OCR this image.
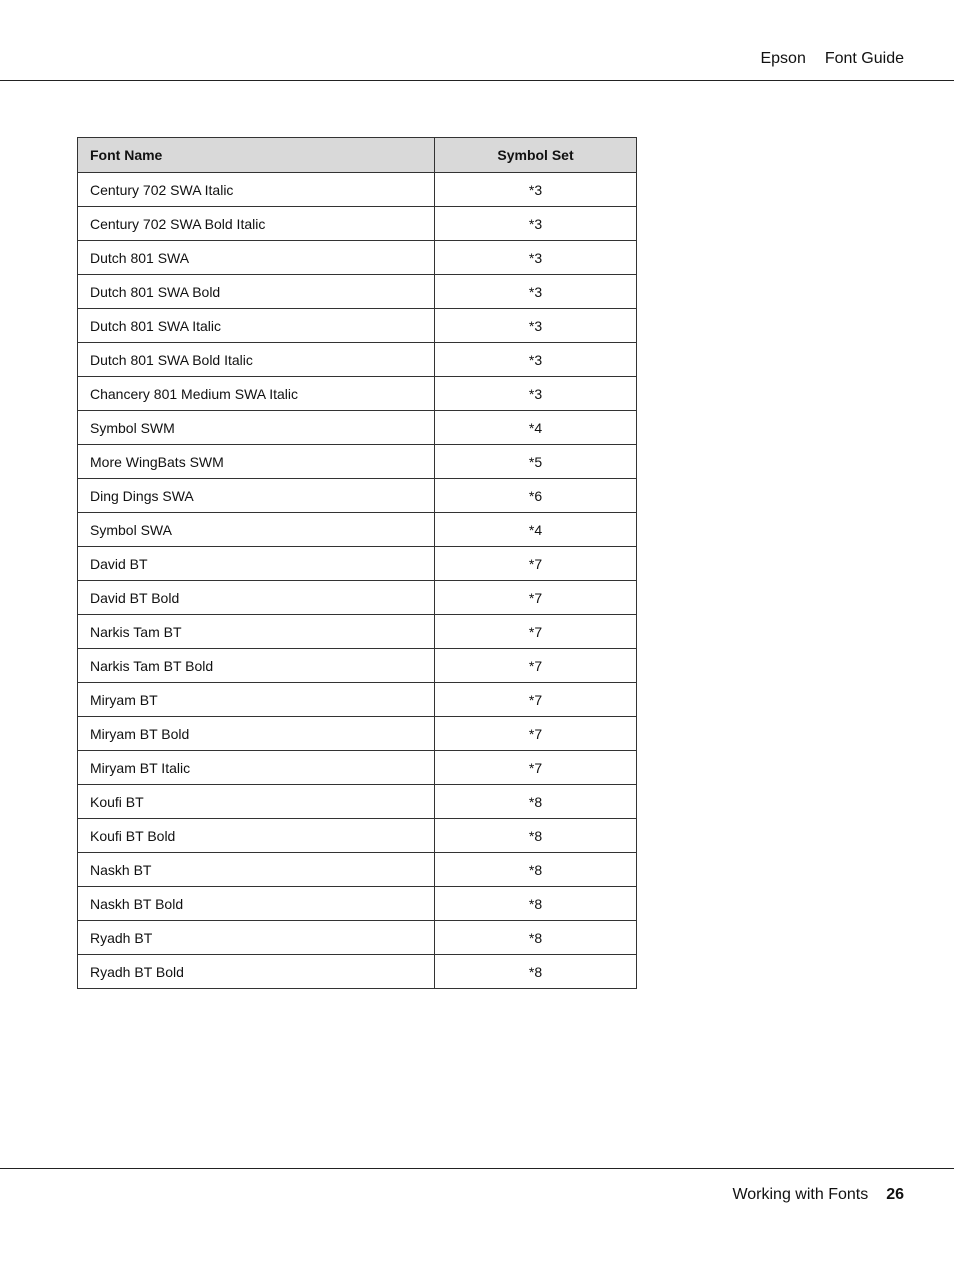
Epson Font Guide
Font Name	Symbol Set
Century 702 SWA Italic	*3
Century 702 SWA Bold Italic	*3
Dutch 801 SWA	*3
Dutch 801 SWA Bold	*3
Dutch 801 SWA Italic	*3
Dutch 801 SWA Bold Italic	*3
Chancery 801 Medium SWA Italic	*3
Symbol SWM	*4
More WingBats SWM	*5
Ding Dings SWA	*6
Symbol SWA	*4
David BT	*7
David BT Bold	*7
Narkis Tam BT	*7
Narkis Tam BT Bold	*7
Miryam BT	*7
Miryam BT Bold	*7
Miryam BT Italic	*7
Koufi BT	*8
Koufi BT Bold	*8
Naskh BT	*8
Naskh BT Bold	*8
Ryadh BT	*8
Ryadh BT Bold	*8
Working with Fonts 26
